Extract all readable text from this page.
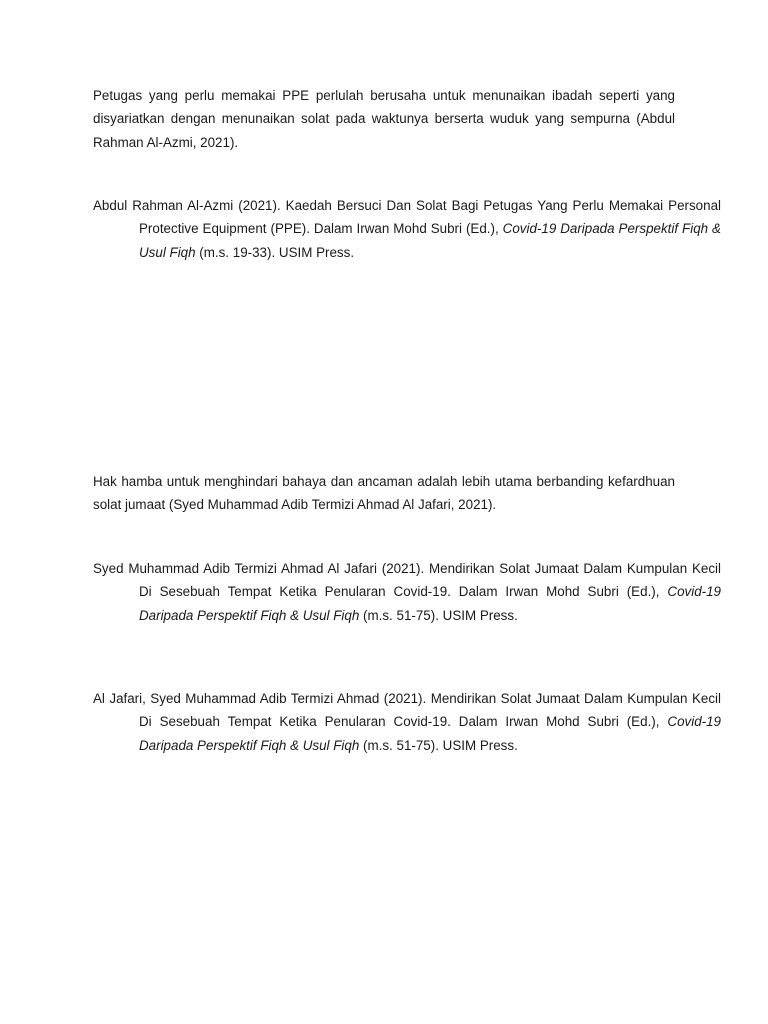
Petugas yang perlu memakai PPE perlulah berusaha untuk menunaikan ibadah seperti yang disyariatkan dengan menunaikan solat pada waktunya berserta wuduk yang sempurna (Abdul Rahman Al-Azmi, 2021).

Abdul Rahman Al-Azmi (2021). Kaedah Bersuci Dan Solat Bagi Petugas Yang Perlu Memakai Personal Protective Equipment (PPE). Dalam Irwan Mohd Subri (Ed.), Covid-19 Daripada Perspektif Fiqh & Usul Fiqh (m.s. 19-33). USIM Press.

Hak hamba untuk menghindari bahaya dan ancaman adalah lebih utama berbanding kefardhuan solat jumaat (Syed Muhammad Adib Termizi Ahmad Al Jafari, 2021).

Syed Muhammad Adib Termizi Ahmad Al Jafari (2021). Mendirikan Solat Jumaat Dalam Kumpulan Kecil Di Sesebuah Tempat Ketika Penularan Covid-19. Dalam Irwan Mohd Subri (Ed.), Covid-19 Daripada Perspektif Fiqh & Usul Fiqh (m.s. 51-75). USIM Press.

Al Jafari, Syed Muhammad Adib Termizi Ahmad (2021). Mendirikan Solat Jumaat Dalam Kumpulan Kecil Di Sesebuah Tempat Ketika Penularan Covid-19. Dalam Irwan Mohd Subri (Ed.), Covid-19 Daripada Perspektif Fiqh & Usul Fiqh (m.s. 51-75). USIM Press.
